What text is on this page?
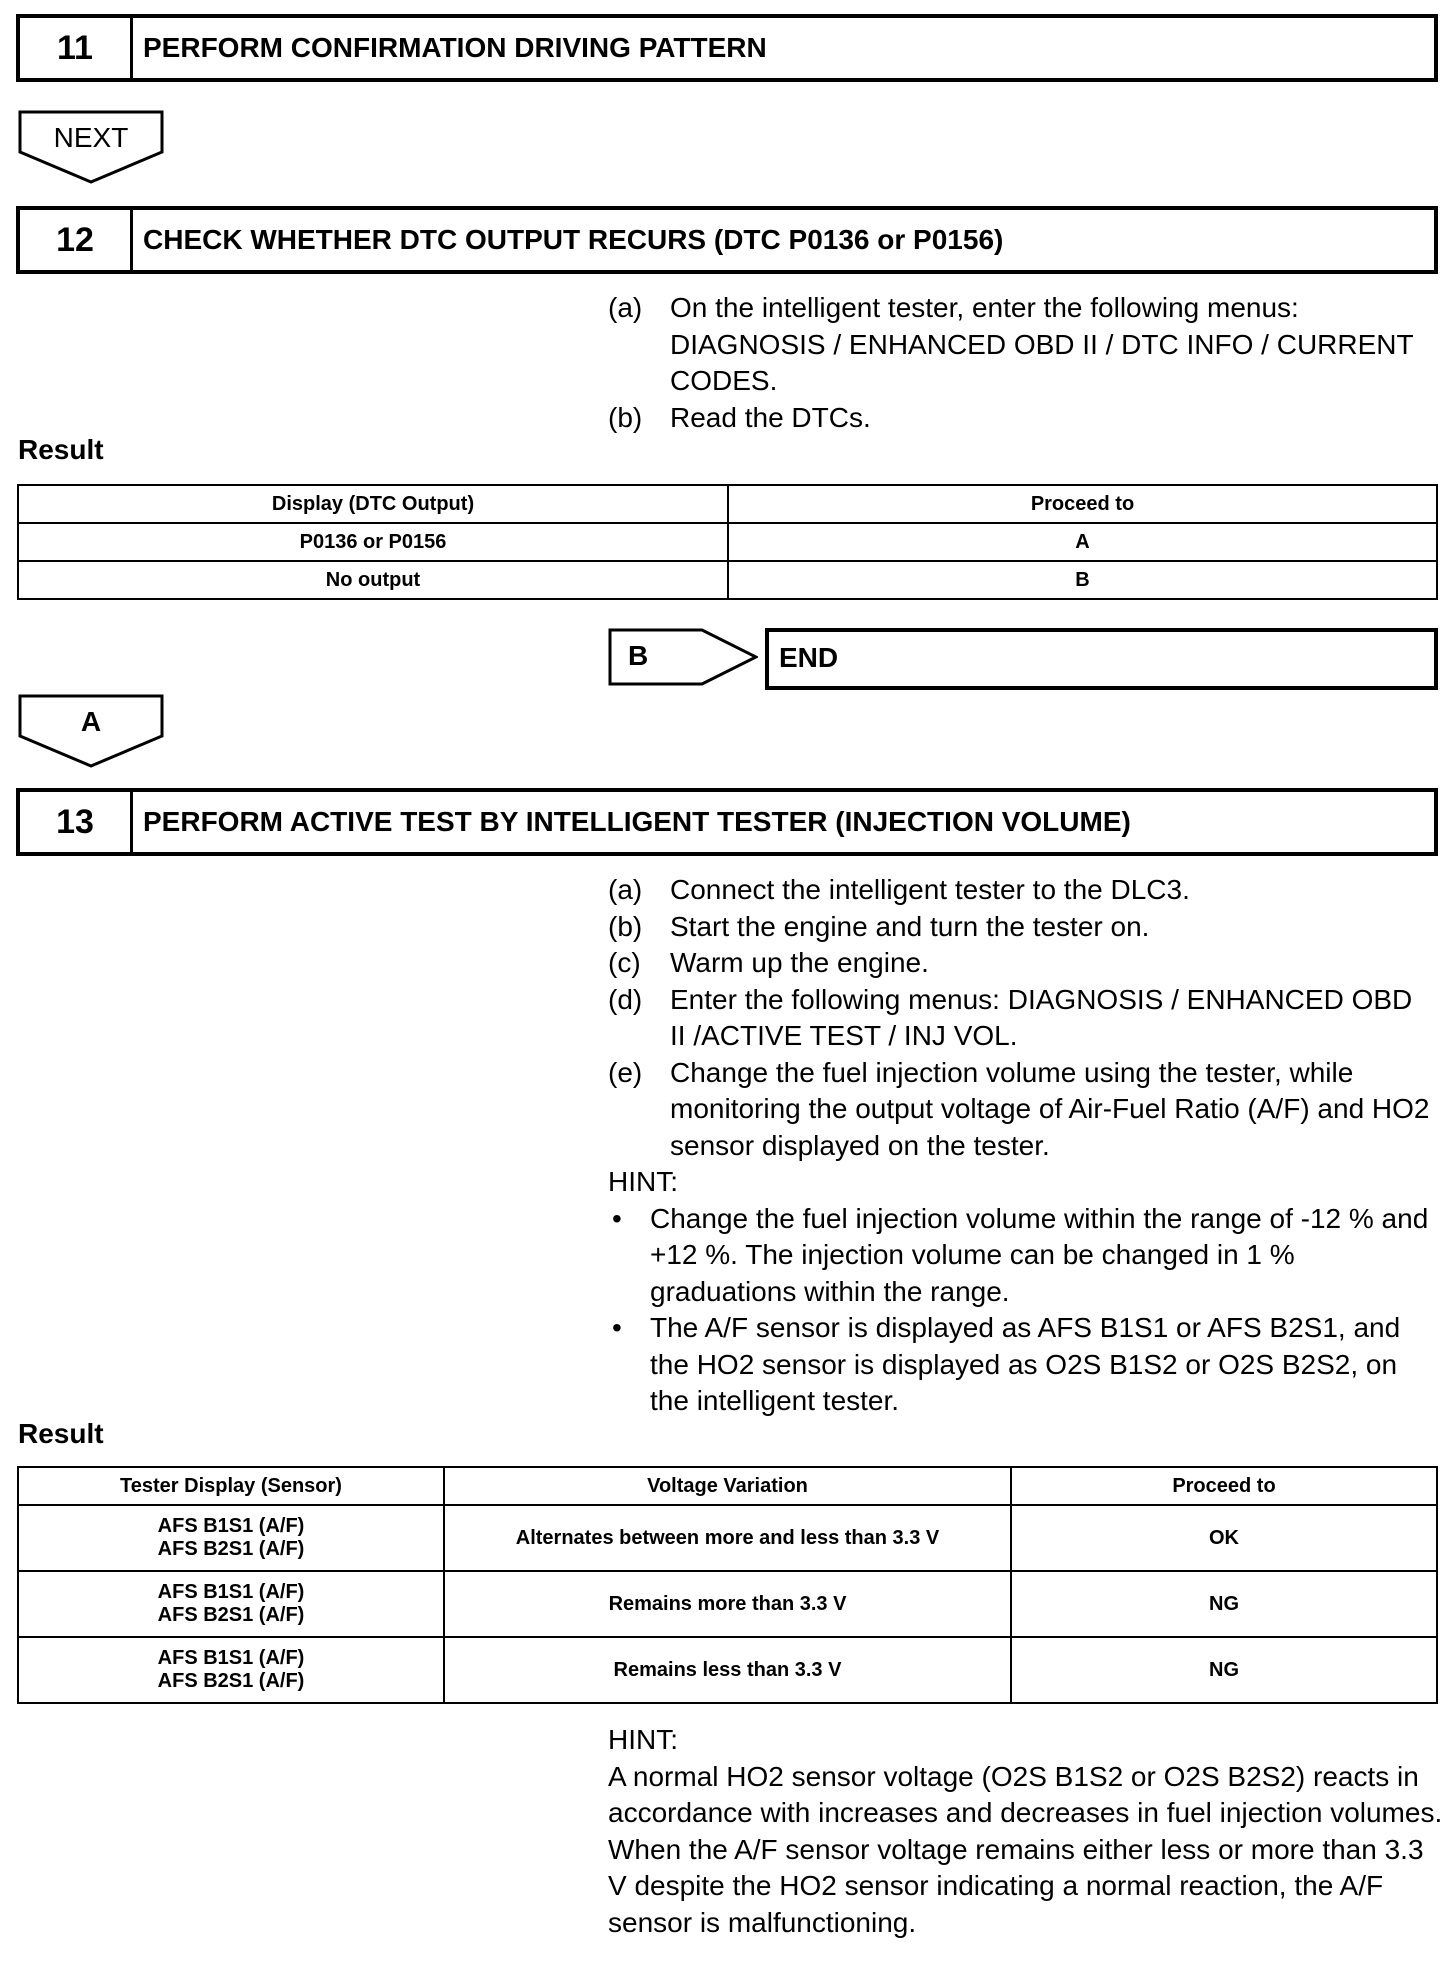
11	PERFORM CONFIRMATION DRIVING PATTERN
NEXT
12	CHECK WHETHER DTC OUTPUT RECURS (DTC P0136 or P0156)
(a) On the intelligent tester, enter the following menus: DIAGNOSIS / ENHANCED OBD II / DTC INFO / CURRENT CODES.
(b) Read the DTCs.
Result
Display (DTC Output)	Proceed to
P0136 or P0156	A
No output	B
B	END
A
13	PERFORM ACTIVE TEST BY INTELLIGENT TESTER (INJECTION VOLUME)
(a) Connect the intelligent tester to the DLC3.
(b) Start the engine and turn the tester on.
(c)	Warm up the engine.
(d) Enter the following menus: DIAGNOSIS / ENHANCED OBD II /ACTIVE TEST / INJ VOL.
(e) Change the fuel injection volume using the tester, while monitoring the output voltage of Air-Fuel Ratio (A/F) and HO2 sensor displayed on the tester.
HINT:
•	Change the fuel injection volume within the range of -12 % and +12 %. The injection volume can be changed in 1 % graduations within the range.
•	The A/F sensor is displayed as AFS B1S1 or AFS B2S1, and the HO2 sensor is displayed as O2S B1S2 or O2S B2S2, on the intelligent tester.
Result
Tester Display (Sensor)	Voltage Variation	Proceed to

AFS B1S1 (A/F)
AFS B2S1 (A/F)	Alternates between more and less than 3.3 V	OK

AFS B1S1 (A/F)
AFS B2S1 (A/F)	Remains more than 3.3 V	NG

AFS B1S1 (A/F)
AFS B2S1 (A/F)	Remains less than 3.3 V	NG
HINT:
A normal HO2 sensor voltage (O2S B1S2 or O2S B2S2) reacts in accordance with increases and decreases in fuel injection volumes. When the A/F sensor voltage remains either less or more than 3.3 V despite the HO2 sensor indicating a normal reaction, the A/F sensor is malfunctioning.
